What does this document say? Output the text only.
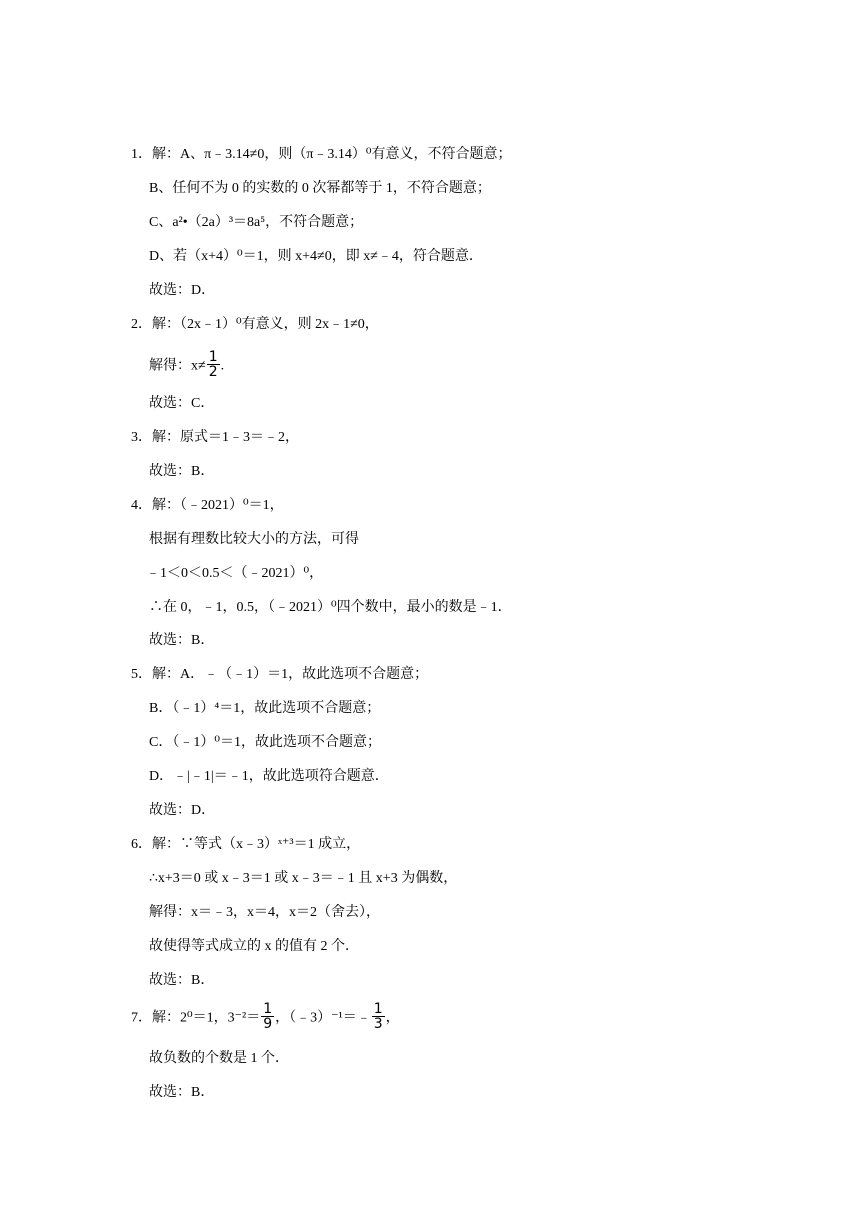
1．解：A、π﹣3.14≠0，则（π﹣3.14）⁰有意义，不符合题意；
B、任何不为 0 的实数的 0 次幂都等于 1，不符合题意；
C、a²•（2a）³＝8a⁵，不符合题意；
D、若（x+4）⁰＝1，则 x+4≠0，即 x≠﹣4，符合题意．
故选：D．
2．解：（2x﹣1）⁰有意义，则 2x﹣1≠0，
解得：$x\ne \frac{1}{2}$ .
故选：C．
3．解：原式＝1﹣3＝﹣2，
故选：B．
4．解：（﹣2021）⁰＝1，
根据有理数比较大小的方法，可得
﹣1＜0＜0.5＜（﹣2021）⁰，
∴在 0，﹣1，0.5，（﹣2021）⁰四个数中，最小的数是﹣1．
故选：B．
5．解：A．﹣（﹣1）＝1，故此选项不合题意；
B．（﹣1）⁴＝1，故此选项不合题意；
C．（﹣1）⁰＝1，故此选项不合题意；
D．﹣|﹣1|＝﹣1，故此选项符合题意．
故选：D．
6．解：∵等式（x﹣3）ˣ⁺³＝1 成立，
∴x+3＝0 或 x﹣3＝1 或 x﹣3＝﹣1 且 x+3 为偶数，
解得：x＝﹣3，x＝4，x＝2（舍去），
故使得等式成立的 x 的值有 2 个．
故选：B．
7．解：2⁰＝1，$3^{-2}= \frac{1}{9}$ ，（﹣3）⁻¹＝﹣ $\frac{1}{3}$ ，
故负数的个数是 1 个．
故选：B．
